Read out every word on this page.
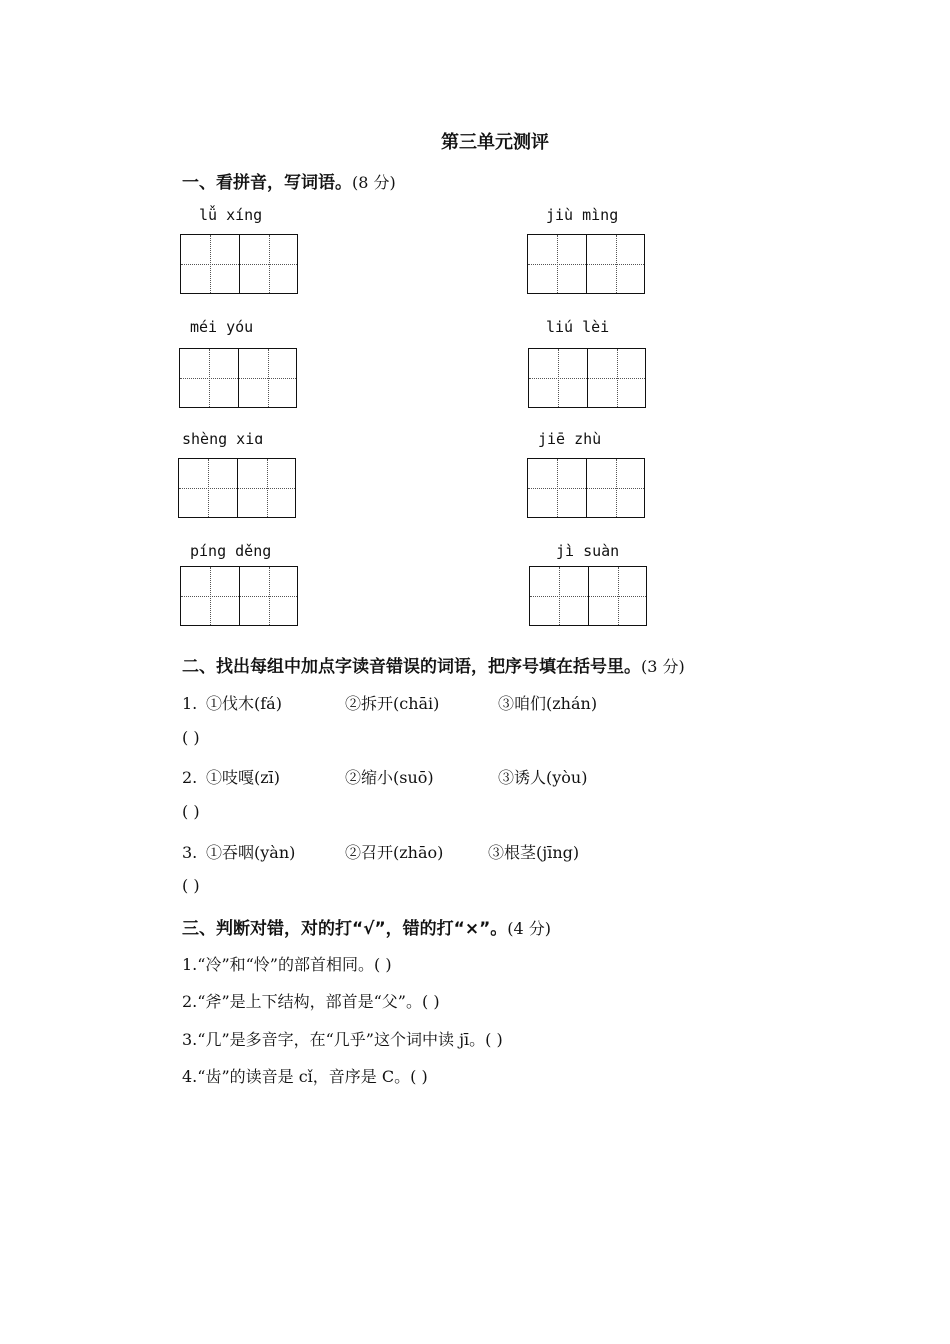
第三单元测评
一、看拼音，写词语。(8 分)
lǚ xíng	jiù mìng
méi yóu	liú lèi
shèng xiɑ	jiē zhù
píng děng	jì suàn
二、找出每组中加点字读音错误的词语，把序号填在括号里。(3 分)
1. ①伐木(fá)	②拆开(chāi)	③咱们(zhán)
( )
2. ①吱嘎(zī)	②缩小(suō)	③诱人(yòu)
( )
3. ①吞咽(yàn)	②召开(zhāo)	③根茎(jīng)
( )
三、判断对错，对的打“√”，错的打“×”。(4 分)
1.“冷”和“怜”的部首相同。( )
2.“斧”是上下结构，部首是“父”。( )
3.“几”是多音字，在“几乎”这个词中读 jī。( )
4.“齿”的读音是 cǐ，音序是 C。( )
